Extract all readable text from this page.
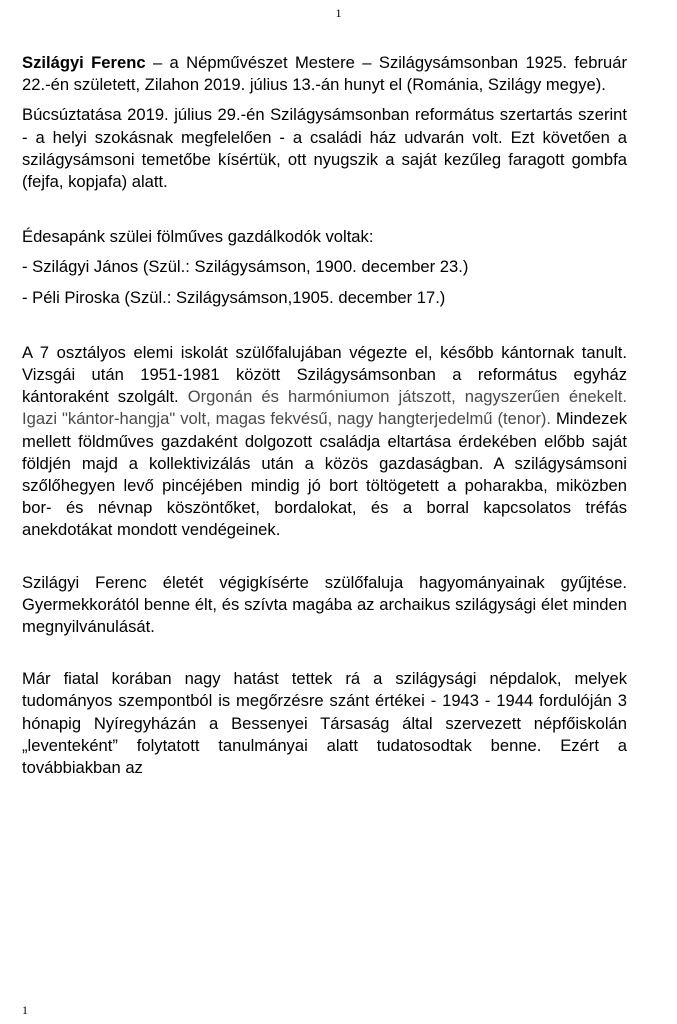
1

Szilágyi Ferenc – a Népművészet Mestere – Szilágysámsonban 1925. február 22.-én született, Zilahon 2019. július 13.-án hunyt el (Románia, Szilágy megye).

Búcsúztatása 2019. július 29.-én Szilágysámsonban református szertartás szerint - a helyi szokásnak megfelelően - a családi ház udvarán volt. Ezt követően a szilágysámsoni temetőbe kísértük, ott nyugszik a saját kezűleg faragott gombfa (fejfa, kopjafa) alatt.

Édesapánk szülei fölműves gazdálkodók voltak:

- Szilágyi János (Szül.: Szilágysámson, 1900. december 23.)

- Péli Piroska (Szül.: Szilágysámson,1905. december 17.)

A 7 osztályos elemi iskolát szülőfalujában végezte el, később kántornak tanult. Vizsgái után 1951-1981 között Szilágysámsonban a református egyház kántoraként szolgált. Orgonán és harmóniumon játszott, nagyszerűen énekelt. Igazi "kántor-hangja" volt, magas fekvésű, nagy hangterjedelmű (tenor). Mindezek mellett földműves gazdaként dolgozott családja eltartása érdekében előbb saját földjén majd a kollektivizálás után a közös gazdaságban. A szilágysámsoni szőlőhegyen levő pincéjében mindig jó bort töltögetett a poharakba, miközben bor- és névnap köszöntőket, bordalokat, és a borral kapcsolatos tréfás anekdotákat mondott vendégeinek.

Szilágyi Ferenc életét végigkísérte szülőfaluja hagyományainak gyűjtése. Gyermekkorától benne élt, és szívta magába az archaikus szilágysági élet minden megnyilvánulását.

Már fiatal korában nagy hatást tettek rá a szilágysági népdalok, melyek tudományos szempontból is megőrzésre szánt értékei - 1943 - 1944 fordulóján 3 hónapig Nyíregyházán a Bessenyei Társaság által szervezett népfőiskolán „leventeként” folytatott tanulmányai alatt tudatosodtak benne. Ezért a továbbiakban az

1
